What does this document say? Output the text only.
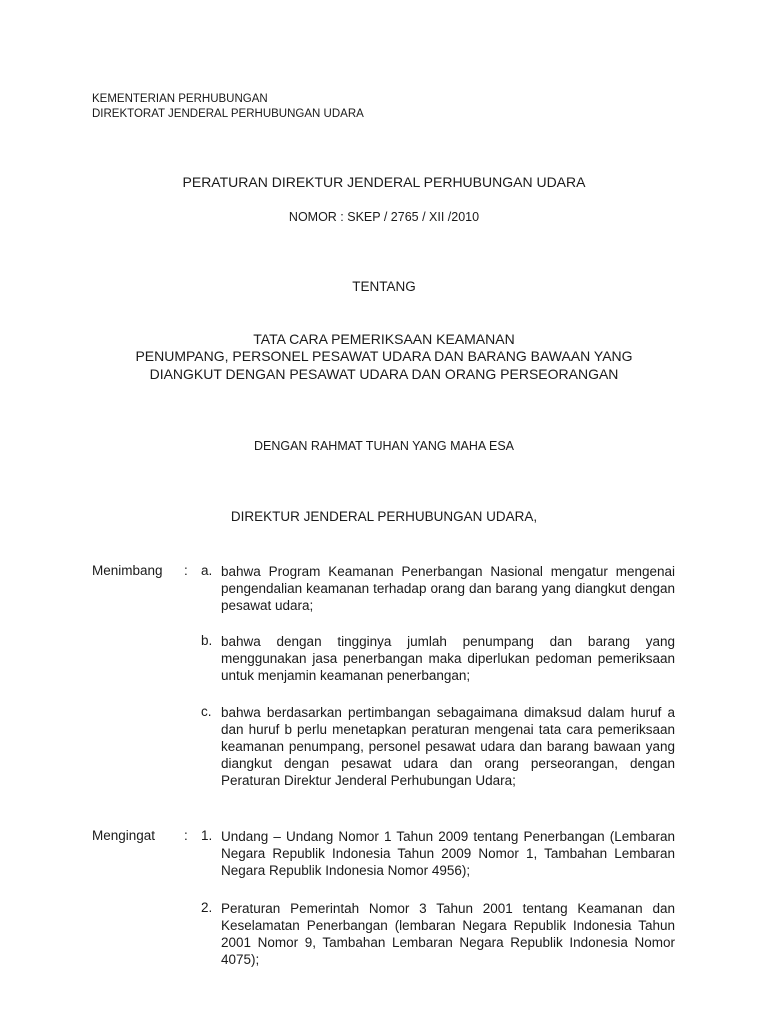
KEMENTERIAN PERHUBUNGAN
DIREKTORAT JENDERAL PERHUBUNGAN UDARA
PERATURAN DIREKTUR JENDERAL PERHUBUNGAN UDARA
NOMOR : SKEP / 2765 / XII /2010
TENTANG
TATA CARA PEMERIKSAAN KEAMANAN
PENUMPANG, PERSONEL PESAWAT UDARA DAN BARANG BAWAAN YANG
DIANGKUT DENGAN PESAWAT UDARA DAN ORANG PERSEORANGAN
DENGAN RAHMAT TUHAN YANG MAHA ESA
DIREKTUR JENDERAL PERHUBUNGAN UDARA,
Menimbang : a. bahwa Program Keamanan Penerbangan Nasional mengatur mengenai pengendalian keamanan terhadap orang dan barang yang diangkut dengan pesawat udara;
b. bahwa dengan tingginya jumlah penumpang dan barang yang menggunakan jasa penerbangan maka diperlukan pedoman pemeriksaan untuk menjamin keamanan penerbangan;
c. bahwa berdasarkan pertimbangan sebagaimana dimaksud dalam huruf a dan huruf b perlu menetapkan peraturan mengenai tata cara pemeriksaan keamanan penumpang, personel pesawat udara dan barang bawaan yang diangkut dengan pesawat udara dan orang perseorangan, dengan Peraturan Direktur Jenderal Perhubungan Udara;
Mengingat : 1. Undang – Undang Nomor 1 Tahun 2009 tentang Penerbangan (Lembaran Negara Republik Indonesia Tahun 2009 Nomor 1, Tambahan Lembaran Negara Republik Indonesia Nomor 4956);
2. Peraturan Pemerintah Nomor 3 Tahun 2001 tentang Keamanan dan Keselamatan Penerbangan (lembaran Negara Republik Indonesia Tahun 2001 Nomor 9, Tambahan Lembaran Negara Republik Indonesia Nomor 4075);
